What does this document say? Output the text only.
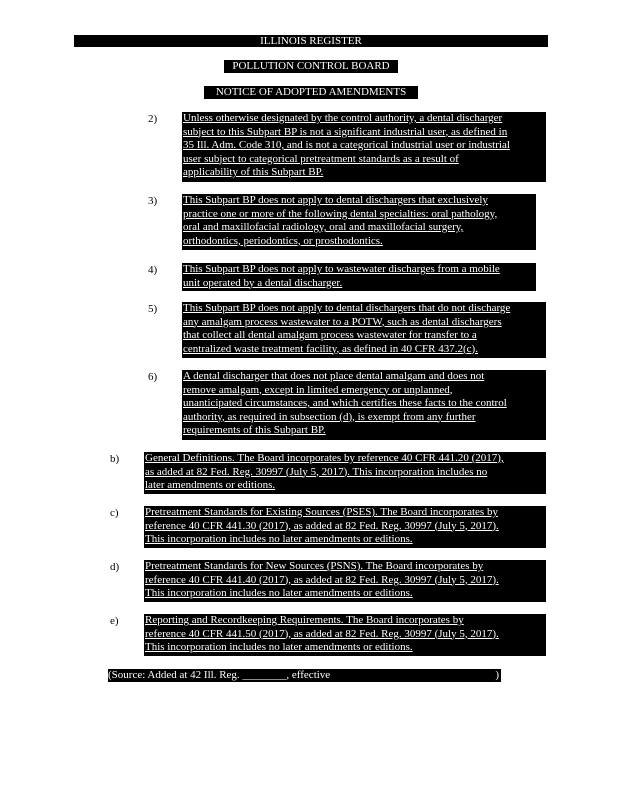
ILLINOIS REGISTER
POLLUTION CONTROL BOARD
NOTICE OF ADOPTED AMENDMENTS
2) Unless otherwise designated by the control authority, a dental discharger
subject to this Subpart BP is not a significant industrial user, as defined in
35 Ill. Adm. Code 310, and is not a categorical industrial user or industrial
user subject to categorical pretreatment standards as a result of
applicability of this Subpart BP.
3) This Subpart BP does not apply to dental dischargers that exclusively
practice one or more of the following dental specialties: oral pathology,
oral and maxillofacial radiology, oral and maxillofacial surgery,
orthodontics, periodontics, or prosthodontics.
4) This Subpart BP does not apply to wastewater discharges from a mobile
unit operated by a dental discharger.
5) This Subpart BP does not apply to dental dischargers that do not discharge
any amalgam process wastewater to a POTW, such as dental dischargers
that collect all dental amalgam process wastewater for transfer to a
centralized waste treatment facility, as defined in 40 CFR 437.2(c).
6) A dental discharger that does not place dental amalgam and does not
remove amalgam, except in limited emergency or unplanned,
unanticipated circumstances, and which certifies these facts to the control
authority, as required in subsection (d), is exempt from any further
requirements of this Subpart BP.
b) General Definitions. The Board incorporates by reference 40 CFR 441.20 (2017),
as added at 82 Fed. Reg. 30997 (July 5, 2017). This incorporation includes no
later amendments or editions.
c) Pretreatment Standards for Existing Sources (PSES). The Board incorporates by
reference 40 CFR 441.30 (2017), as added at 82 Fed. Reg. 30997 (July 5, 2017).
This incorporation includes no later amendments or editions.
d) Pretreatment Standards for New Sources (PSNS). The Board incorporates by
reference 40 CFR 441.40 (2017), as added at 82 Fed. Reg. 30997 (July 5, 2017).
This incorporation includes no later amendments or editions.
e) Reporting and Recordkeeping Requirements. The Board incorporates by
reference 40 CFR 441.50 (2017), as added at 82 Fed. Reg. 30997 (July 5, 2017).
This incorporation includes no later amendments or editions.
(Source: Added at 42 Ill. Reg. ________, effective	)
